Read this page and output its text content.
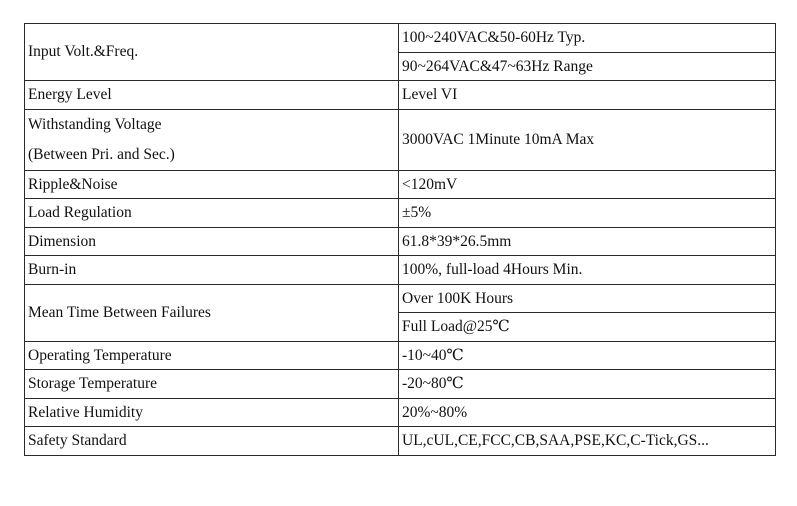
Input Volt.&Freq.	100~240VAC&50-60Hz Typ.
	90~264VAC&47~63Hz Range
Energy Level	Level VI

Withstanding Voltage
(Between Pri. and Sec.)	3000VAC 1Minute 10mA Max
Ripple&Noise	<120mV
Load Regulation	±5%
Dimension	61.8*39*26.5mm
Burn-in	100%, full-load 4Hours Min.
Mean Time Between Failures	Over 100K Hours
	Full Load@25℃
Operating Temperature	-10~40℃
Storage Temperature	-20~80℃
Relative Humidity	20%~80%
Safety Standard	UL,cUL,CE,FCC,CB,SAA,PSE,KC,C-Tick,GS...
